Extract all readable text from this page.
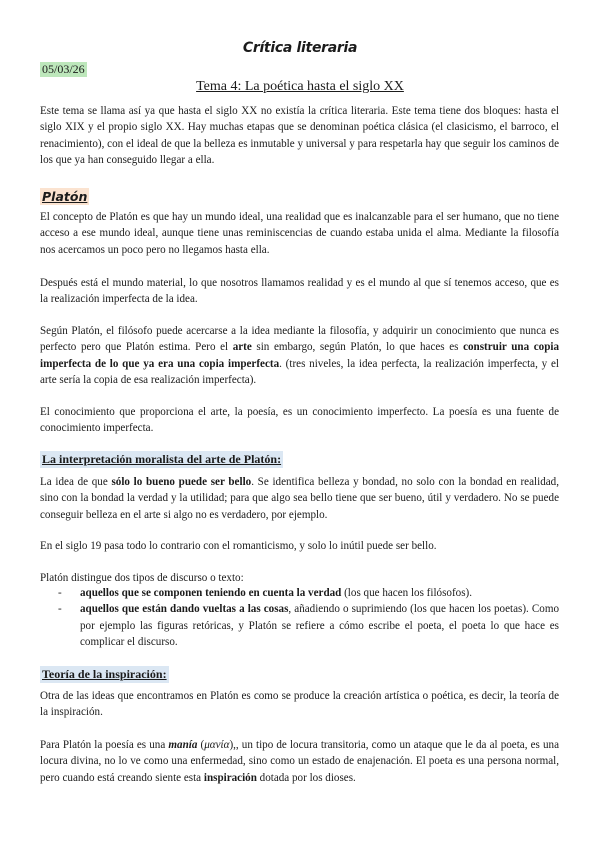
Crítica literaria
05/03/26
Tema 4: La poética hasta el siglo XX

Este tema se llama así ya que hasta el siglo XX no existía la crítica literaria. Este tema tiene dos bloques: hasta el siglo XIX y el propio siglo XX. Hay muchas etapas que se denominan poética clásica (el clasicismo, el barroco, el renacimiento), con el ideal de que la belleza es inmutable y universal y para respetarla hay que seguir los caminos de los que ya han conseguido llegar a ella.

Platón

El concepto de Platón es que hay un mundo ideal, una realidad que es inalcanzable para el ser humano, que no tiene acceso a ese mundo ideal, aunque tiene unas reminiscencias de cuando estaba unida el alma. Mediante la filosofía nos acercamos un poco pero no llegamos hasta ella.

Después está el mundo material, lo que nosotros llamamos realidad y es el mundo al que sí tenemos acceso, que es la realización imperfecta de la idea.

Según Platón, el filósofo puede acercarse a la idea mediante la filosofía, y adquirir un conocimiento que nunca es perfecto pero que Platón estima. Pero el arte sin embargo, según Platón, lo que haces es construir una copia imperfecta de lo que ya era una copia imperfecta. (tres niveles, la idea perfecta, la realización imperfecta, y el arte sería la copia de esa realización imperfecta).

El conocimiento que proporciona el arte, la poesía, es un conocimiento imperfecto. La poesía es una fuente de conocimiento imperfecta.

La interpretación moralista del arte de Platón:

La idea de que sólo lo bueno puede ser bello. Se identifica belleza y bondad, no solo con la bondad en realidad, sino con la bondad la verdad y la utilidad; para que algo sea bello tiene que ser bueno, útil y verdadero. No se puede conseguir belleza en el arte si algo no es verdadero, por ejemplo.

En el siglo 19 pasa todo lo contrario con el romanticismo, y solo lo inútil puede ser bello.

Platón distingue dos tipos de discurso o texto:

- aquellos que se componen teniendo en cuenta la verdad (los que hacen los filósofos).
- aquellos que están dando vueltas a las cosas, añadiendo o suprimiendo (los que hacen los poetas). Como por ejemplo las figuras retóricas, y Platón se refiere a cómo escribe el poeta, el poeta lo que hace es complicar el discurso.
Teoría de la inspiración:

Otra de las ideas que encontramos en Platón es como se produce la creación artística o poética, es decir, la teoría de la inspiración.

Para Platón la poesía es una manía (μανία),, un tipo de locura transitoria, como un ataque que le da al poeta, es una locura divina, no lo ve como una enfermedad, sino como un estado de enajenación. El poeta es una persona normal, pero cuando está creando siente esta inspiración dotada por los dioses.
